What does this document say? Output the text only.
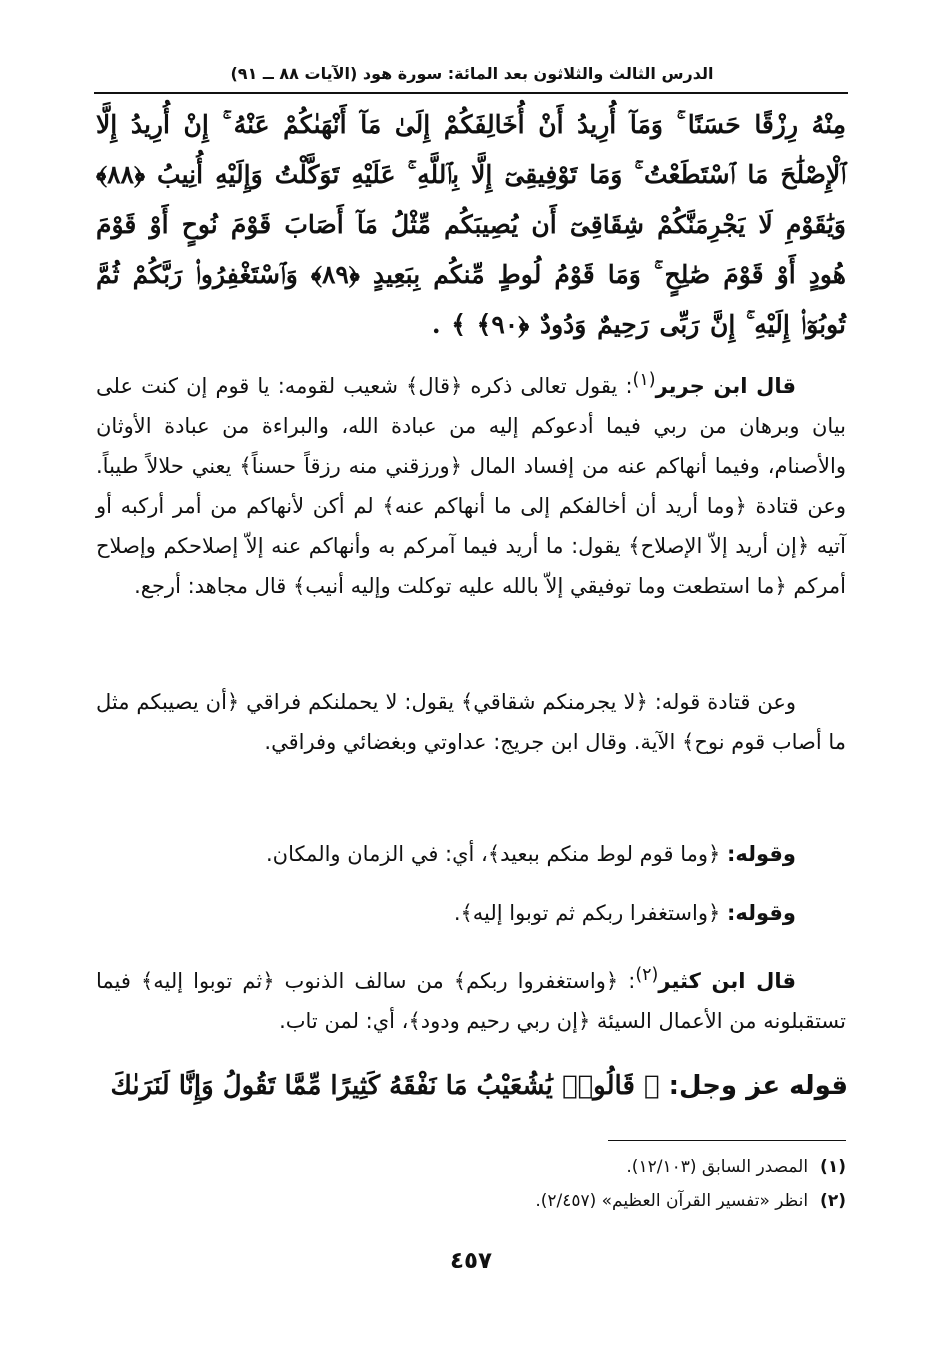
الدرس الثالث والثلاثون بعد المائة: سورة هود (الآيات ٨٨ ــ ٩١)
مِنْهُ رِزْقًا حَسَنًا ۚ وَمَآ أُرِيدُ أَنْ أُخَالِفَكُمْ إِلَىٰ مَآ أَنْهَىٰكُمْ عَنْهُ ۚ إِنْ أُرِيدُ إِلَّا ٱلْإِصْلَٰحَ مَا ٱسْتَطَعْتُ ۚ وَمَا تَوْفِيقِىٓ إِلَّا بِٱللَّهِ ۚ عَلَيْهِ تَوَكَّلْتُ وَإِلَيْهِ أُنِيبُ ﴿٨٨﴾ وَيَٰقَوْمِ لَا يَجْرِمَنَّكُمْ شِقَاقِىٓ أَن يُصِيبَكُم مِّثْلُ مَآ أَصَابَ قَوْمَ نُوحٍ أَوْ قَوْمَ هُودٍ أَوْ قَوْمَ صَٰلِحٍ ۚ وَمَا قَوْمُ لُوطٍ مِّنكُم بِبَعِيدٍ ﴿٨٩﴾ وَٱسْتَغْفِرُوا۟ رَبَّكُمْ ثُمَّ تُوبُوٓا۟ إِلَيْهِ ۚ إِنَّ رَبِّى رَحِيمٌ وَدُودٌ ﴿٩٠﴾ ﴾ .

قال ابن جرير$^{(١)}$: يقول تعالى ذكره ﴿قال﴾ شعيب لقومه: يا قوم إن كنت على بيان وبرهان من ربي فيما أدعوكم إليه من عبادة الله، والبراءة من عبادة الأوثان والأصنام، وفيما أنهاكم عنه من إفساد المال ﴿ورزقني منه رزقاً حسناً﴾ يعني حلالاً طيباً. وعن قتادة ﴿وما أريد أن أخالفكم إلى ما أنهاكم عنه﴾ لم أكن لأنهاكم من أمر أركبه أو آتيه ﴿إن أريد إلاّ الإصلاح﴾ يقول: ما أريد فيما آمركم به وأنهاكم عنه إلاّ إصلاحكم وإصلاح أمركم ﴿ما استطعت وما توفيقي إلاّ بالله عليه توكلت وإليه أنيب﴾ قال مجاهد: أرجع.

وعن قتادة قوله: ﴿لا يجرمنكم شقاقي﴾ يقول: لا يحملنكم فراقي ﴿أن يصيبكم مثل ما أصاب قوم نوح﴾ الآية. وقال ابن جريج: عداوتي وبغضائي وفراقي.

وقوله: ﴿وما قوم لوط منكم ببعيد﴾، أي: في الزمان والمكان.

وقوله: ﴿واستغفرا ربكم ثم توبوا إليه﴾.

قال ابن كثير$^{(٢)}$: ﴿واستغفروا ربكم﴾ من سالف الذنوب ﴿ثم توبوا إليه﴾ فيما تستقبلونه من الأعمال السيئة ﴿إن ربي رحيم ودود﴾، أي: لمن تاب.

قوله عز وجل: ﴿ قَالُوا۟ يَٰشُعَيْبُ مَا نَفْقَهُ كَثِيرًا مِّمَّا تَقُولُ وَإِنَّا لَنَرَىٰكَ
(١)المصدر السابق (١٢/١٠٣).
(٢)انظر «تفسير القرآن العظيم» (٢/٤٥٧).
٤٥٧
